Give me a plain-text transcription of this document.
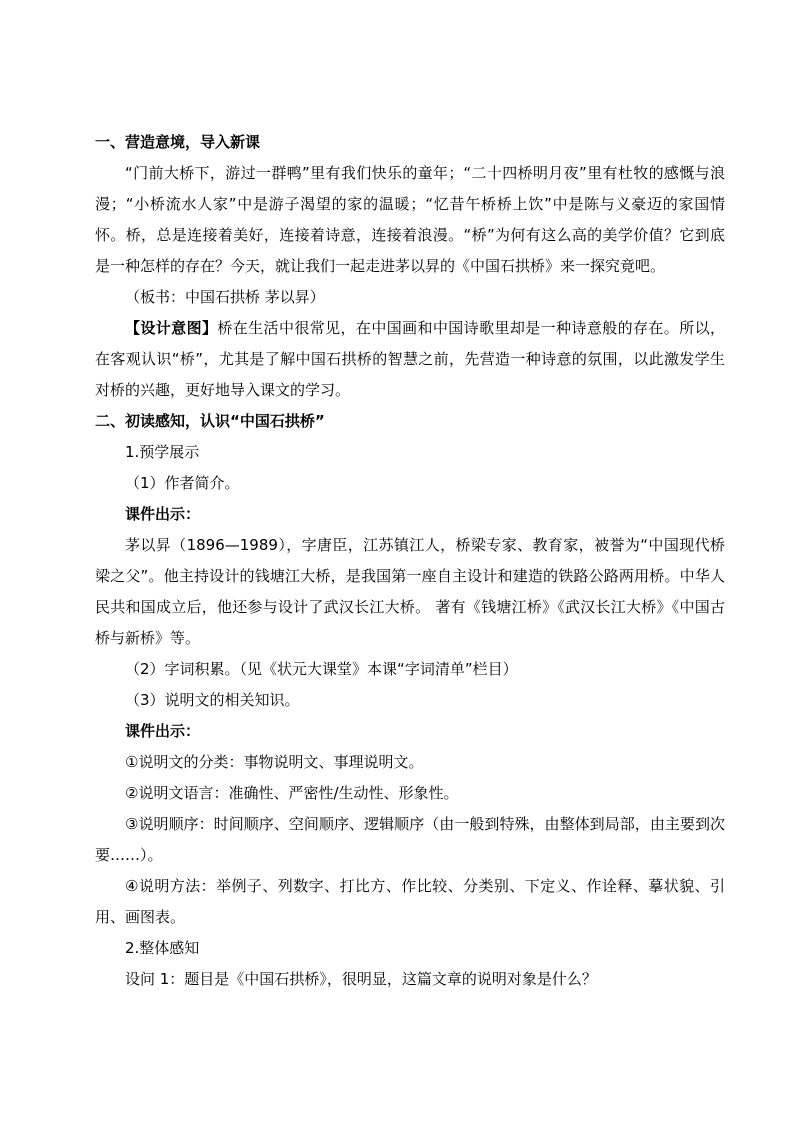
一、营造意境，导入新课

“门前大桥下，游过一群鸭”里有我们快乐的童年；“二十四桥明月夜”里有杜牧的感慨与浪漫；“小桥流水人家”中是游子渴望的家的温暖；“忆昔午桥桥上饮”中是陈与义豪迈的家国情怀。桥，总是连接着美好，连接着诗意，连接着浪漫。“桥”为何有这么高的美学价值？它到底是一种怎样的存在？今天，就让我们一起走进茅以昇的《中国石拱桥》来一探究竟吧。

（板书：中国石拱桥 茅以昇）

【设计意图】桥在生活中很常见，在中国画和中国诗歌里却是一种诗意般的存在。所以，在客观认识“桥”，尤其是了解中国石拱桥的智慧之前，先营造一种诗意的氛围，以此激发学生对桥的兴趣，更好地导入课文的学习。

二、初读感知，认识“中国石拱桥”

1.预学展示

（1）作者简介。

课件出示：

茅以昇（1896—1989），字唐臣，江苏镇江人，桥梁专家、教育家，被誉为“中国现代桥梁之父”。他主持设计的钱塘江大桥，是我国第一座自主设计和建造的铁路公路两用桥。中华人民共和国成立后，他还参与设计了武汉长江大桥。 著有《钱塘江桥》《武汉长江大桥》《中国古桥与新桥》等。

（2）字词积累。（见《状元大课堂》本课“字词清单”栏目）

（3）说明文的相关知识。

课件出示：

①说明文的分类：事物说明文、事理说明文。

②说明文语言：准确性、严密性/生动性、形象性。

③说明顺序：时间顺序、空间顺序、逻辑顺序（由一般到特殊，由整体到局部，由主要到次要……）。

④说明方法：举例子、列数字、打比方、作比较、分类别、下定义、作诠释、摹状貌、引用、画图表。

2.整体感知

设问 1：题目是《中国石拱桥》，很明显，这篇文章的说明对象是什么？
